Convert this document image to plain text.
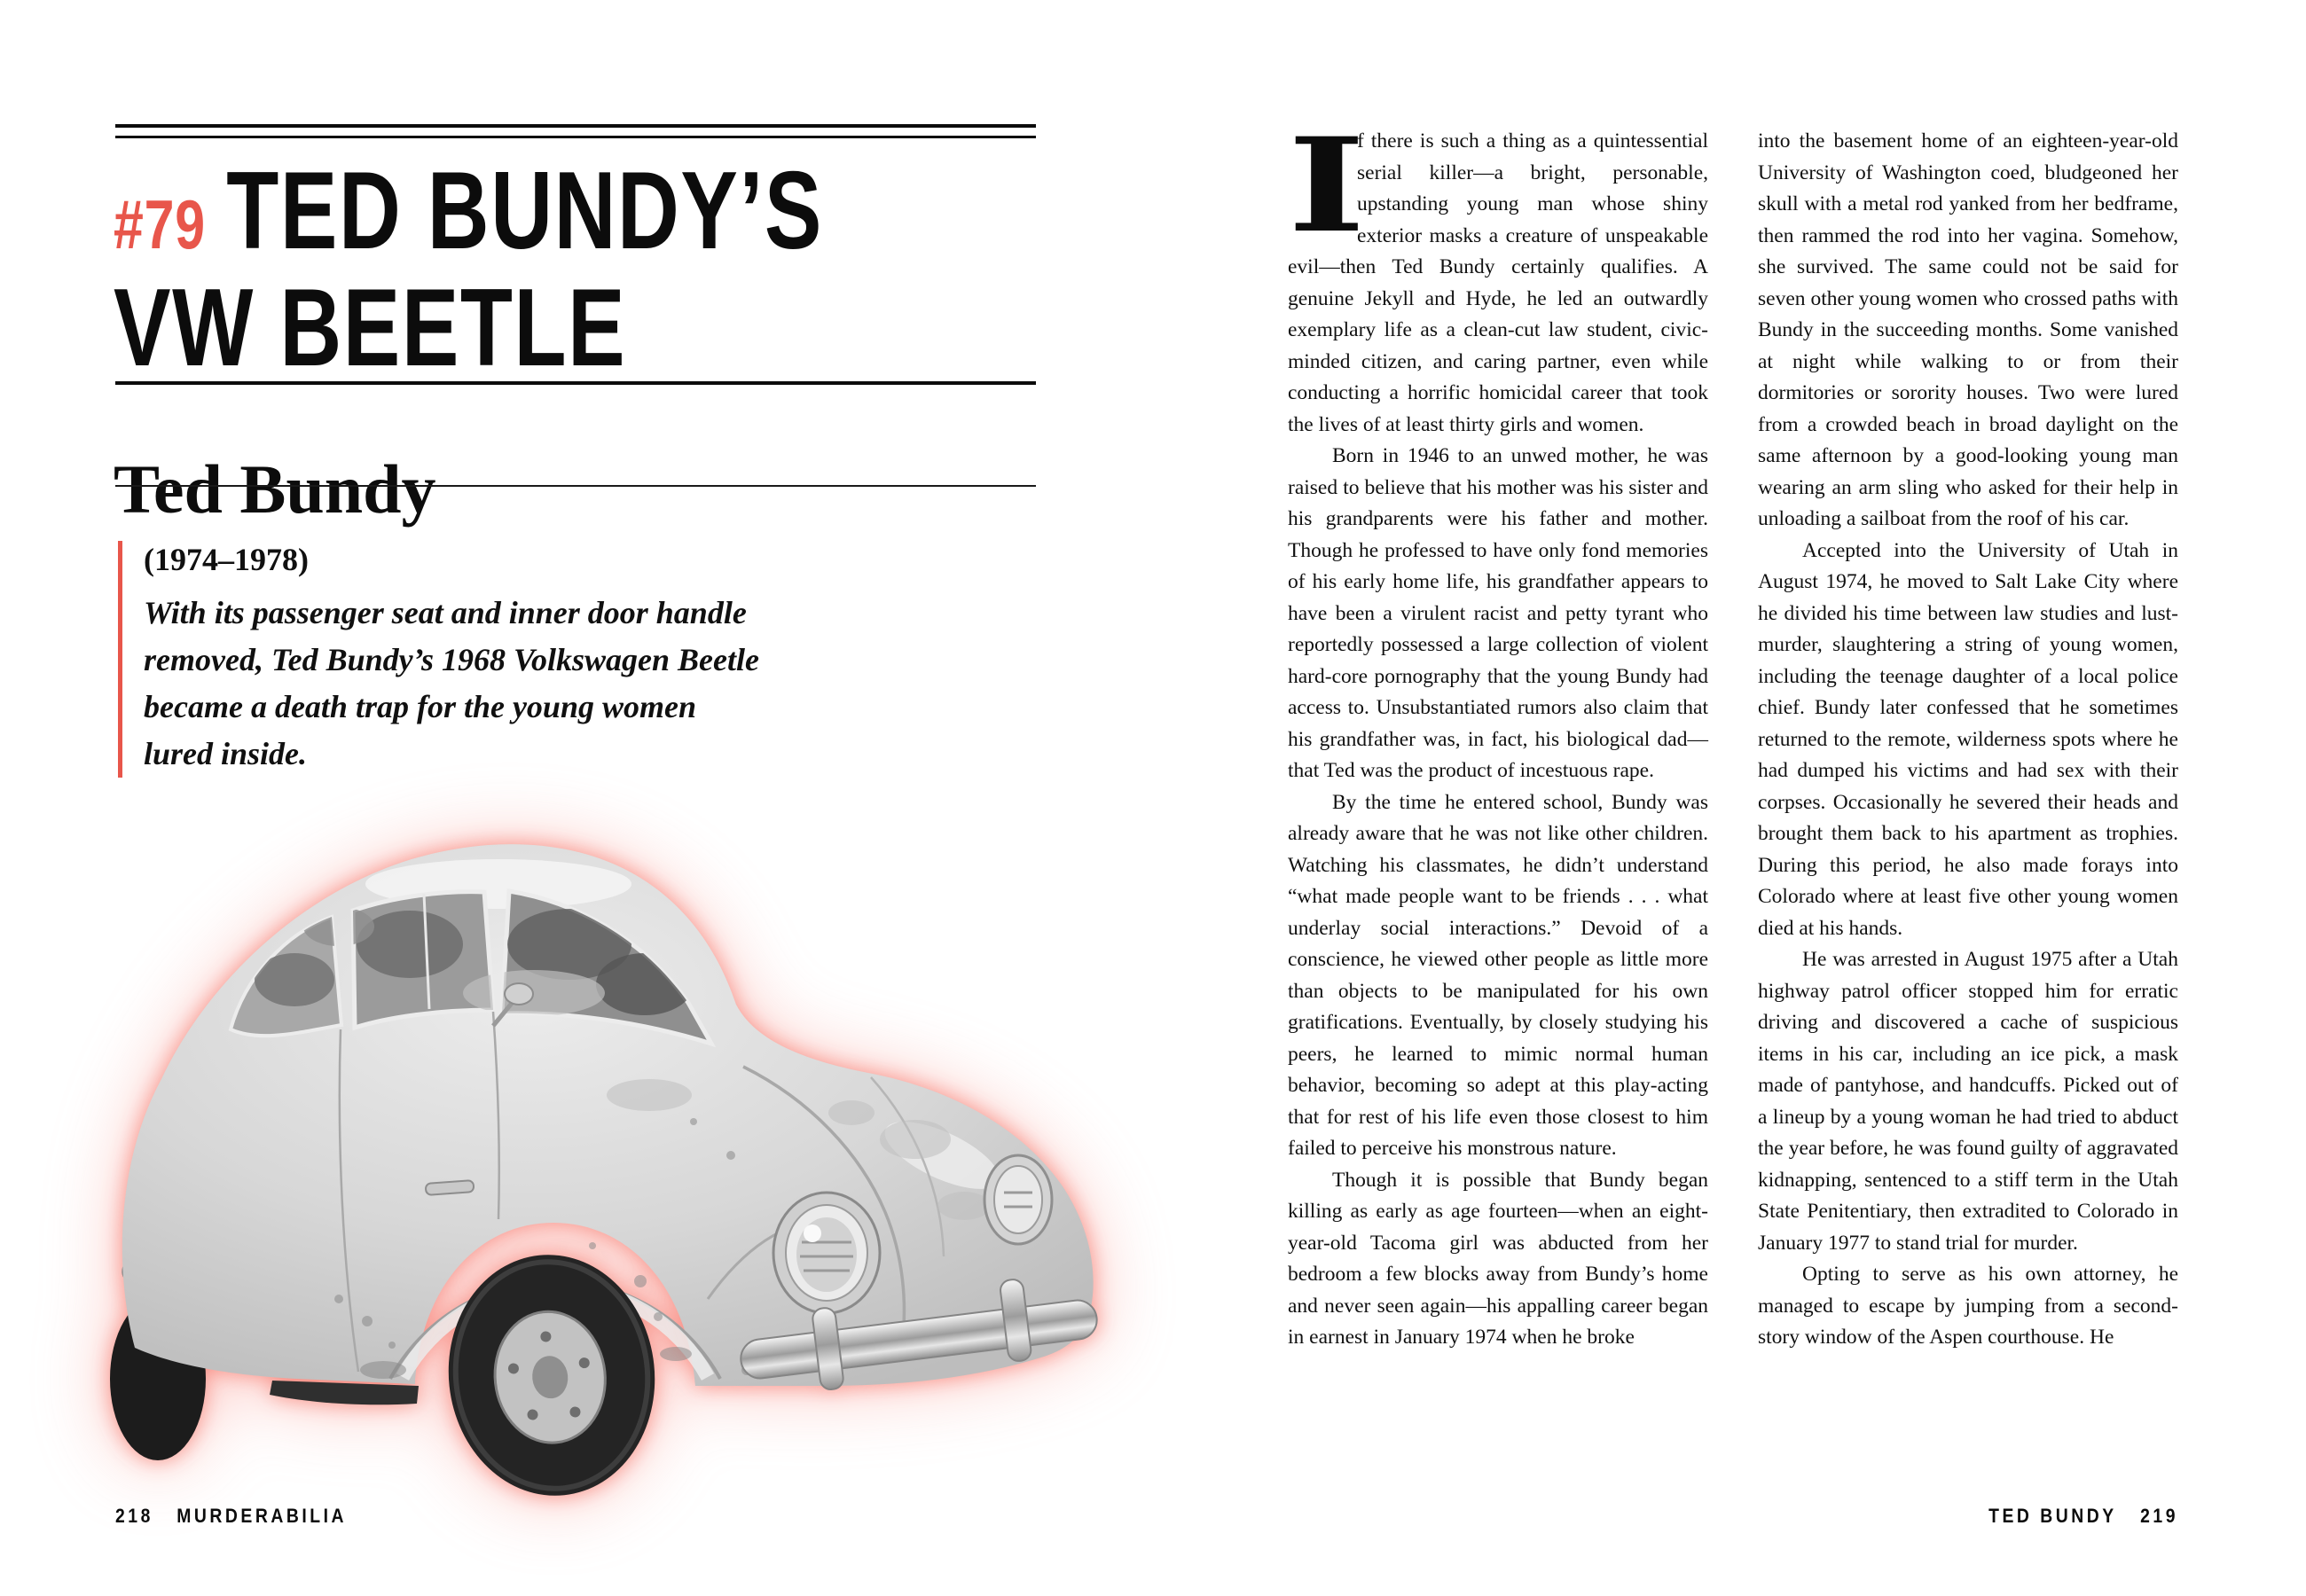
#79 TED BUNDY’S
VW BEETLE
Ted Bundy
(1974–1978)
With its passenger seat and inner door handle removed, Ted Bundy’s 1968 Volkswagen Beetle became a death trap for the young women lured inside.
218 MURDERABILIA

I
f there is such a thing as a quintessential serial killer—a bright, personable, upstanding young man whose shiny exterior masks a creature of unspeakable evil—then Ted Bundy certainly qualifies. A genuine Jekyll and Hyde, he led an outwardly exemplary life as a clean-cut law student, civic-minded citizen, and caring partner, even while conducting a horrific homicidal career that took the lives of at least thirty girls and women.

Born in 1946 to an unwed mother, he was raised to believe that his mother was his sister and his grandparents were his father and mother. Though he professed to have only fond memories of his early home life, his grandfather appears to have been a virulent racist and petty tyrant who reportedly possessed a large collection of violent hard-core pornography that the young Bundy had access to. Unsubstantiated rumors also claim that his grandfather was, in fact, his biological dad—that Ted was the product of incestuous rape.

By the time he entered school, Bundy was already aware that he was not like other children. Watching his classmates, he didn’t understand “what made people want to be friends . . . what underlay social interactions.” Devoid of a conscience, he viewed other people as little more than objects to be manipulated for his own gratifications. Eventually, by closely studying his peers, he learned to mimic normal human behavior, becoming so adept at this play-acting that for rest of his life even those closest to him failed to perceive his monstrous nature.

Though it is possible that Bundy began killing as early as age fourteen—when an eight-year-old Tacoma girl was abducted from her bedroom a few blocks away from Bundy’s home and never seen again—his appalling career began in earnest in January 1974 when he broke

into the basement home of an eighteen-year-old University of Washington coed, bludgeoned her skull with a metal rod yanked from her bedframe, then rammed the rod into her vagina. Somehow, she survived. The same could not be said for seven other young women who crossed paths with Bundy in the succeeding months. Some vanished at night while walking to or from their dormitories or sorority houses. Two were lured from a crowded beach in broad daylight on the same afternoon by a good-looking young man wearing an arm sling who asked for their help in unloading a sailboat from the roof of his car.

Accepted into the University of Utah in August 1974, he moved to Salt Lake City where he divided his time between law studies and lust-murder, slaughtering a string of young women, including the teenage daughter of a local police chief. Bundy later confessed that he sometimes returned to the remote, wilderness spots where he had dumped his victims and had sex with their corpses. Occasionally he severed their heads and brought them back to his apartment as trophies. During this period, he also made forays into Colorado where at least five other young women died at his hands.

He was arrested in August 1975 after a Utah highway patrol officer stopped him for erratic driving and discovered a cache of suspicious items in his car, including an ice pick, a mask made of pantyhose, and handcuffs. Picked out of a lineup by a young woman he had tried to abduct the year before, he was found guilty of aggravated kidnapping, sentenced to a stiff term in the Utah State Penitentiary, then extradited to Colorado in January 1977 to stand trial for murder.

Opting to serve as his own attorney, he managed to escape by jumping from a second-story window of the Aspen courthouse. He

TED BUNDY 219
